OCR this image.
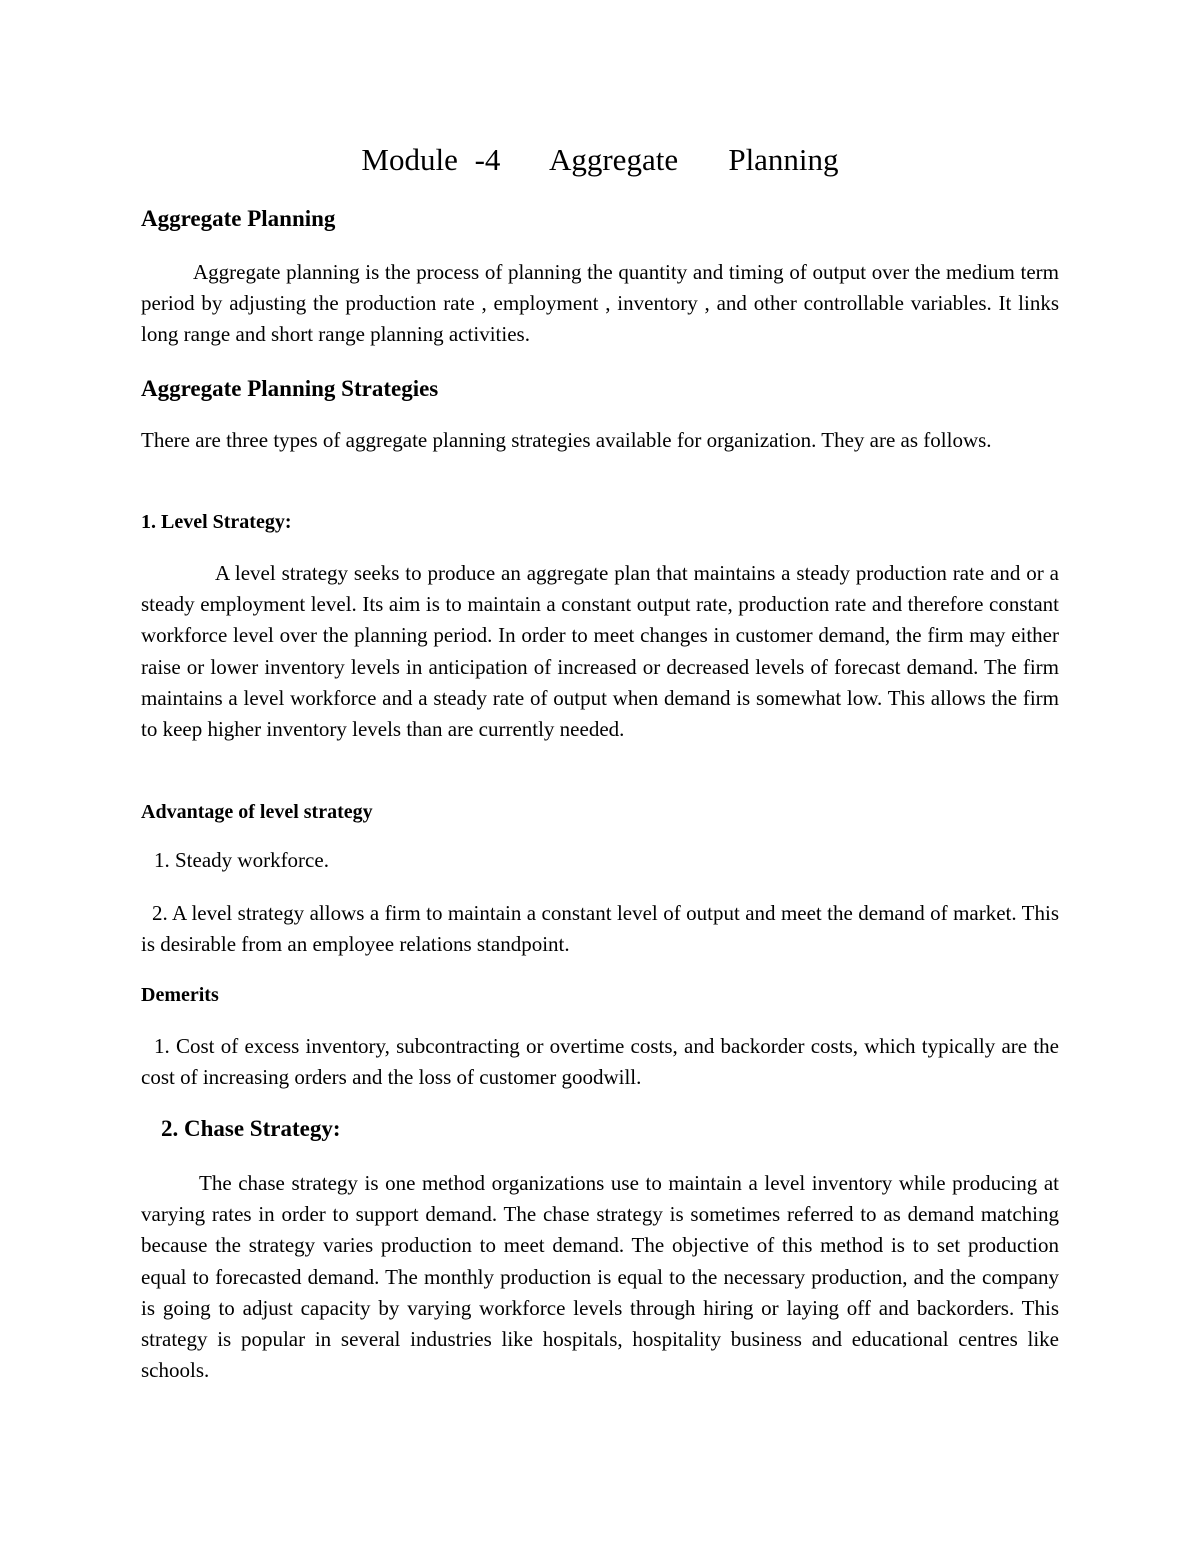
Module -4   Aggregate   Planning
Aggregate Planning

Aggregate planning is the process of planning the quantity and timing of output over the medium term period by adjusting the production rate , employment , inventory , and other controllable variables. It links long range and short range planning activities.

Aggregate Planning Strategies

There are three types of aggregate planning strategies available for organization. They are as follows.

1. Level Strategy:

A level strategy seeks to produce an aggregate plan that maintains a steady production rate and or a steady employment level. Its aim is to maintain a constant output rate, production rate and therefore constant workforce level over the planning period. In order to meet changes in customer demand, the firm may either raise or lower inventory levels in anticipation of increased or decreased levels of forecast demand. The firm maintains a level workforce and a steady rate of output when demand is somewhat low. This allows the firm to keep higher inventory levels than are currently needed.

Advantage of level strategy

1. Steady workforce.

2. A level strategy allows a firm to maintain a constant level of output and meet the demand of market. This is desirable from an employee relations standpoint.

Demerits

1. Cost of excess inventory, subcontracting or overtime costs, and backorder costs, which typically are the cost of increasing orders and the loss of customer goodwill.

2. Chase Strategy:

The chase strategy is one method organizations use to maintain a level inventory while producing at varying rates in order to support demand. The chase strategy is sometimes referred to as demand matching because the strategy varies production to meet demand. The objective of this method is to set production equal to forecasted demand. The monthly production is equal to the necessary production, and the company is going to adjust capacity by varying workforce levels through hiring or laying off and backorders. This strategy is popular in several industries like hospitals, hospitality business and educational centres like schools.
